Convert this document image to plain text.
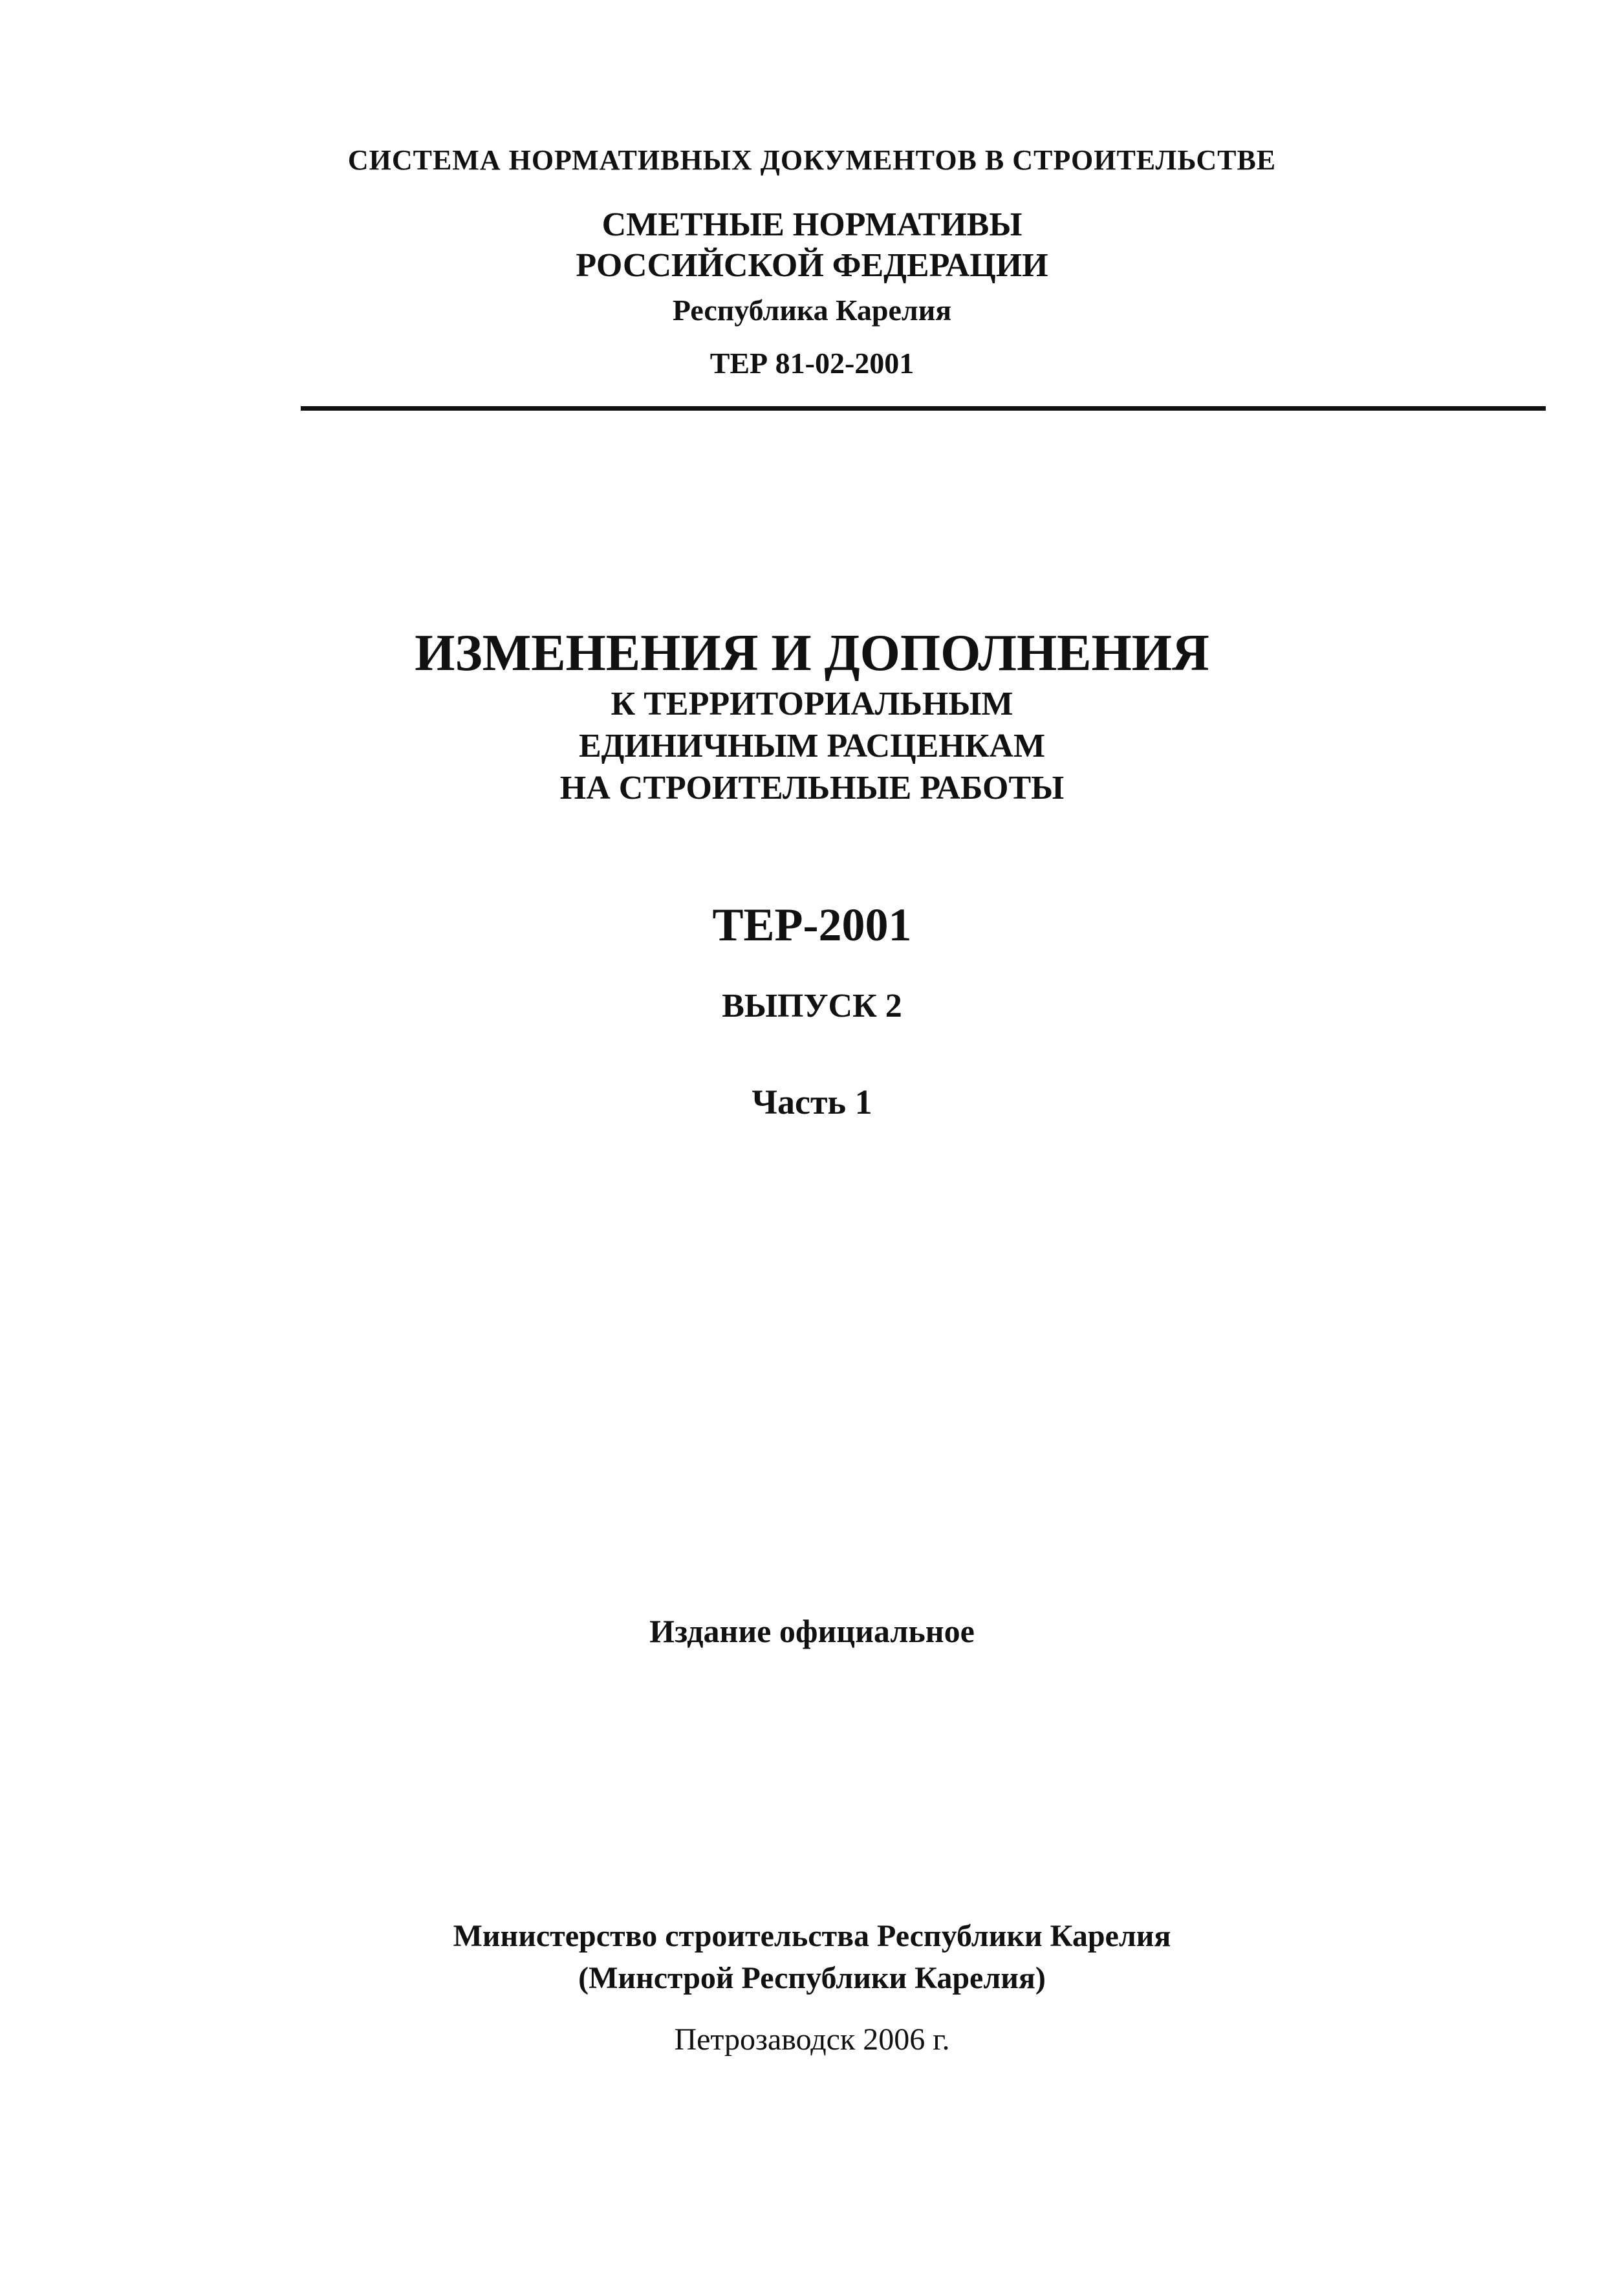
СИСТЕМА НОРМАТИВНЫХ ДОКУМЕНТОВ В СТРОИТЕЛЬСТВЕ
СМЕТНЫЕ НОРМАТИВЫ
РОССИЙСКОЙ ФЕДЕРАЦИИ
Республика Карелия
ТЕР 81-02-2001
ИЗМЕНЕНИЯ И ДОПОЛНЕНИЯ
К ТЕРРИТОРИАЛЬНЫМ
ЕДИНИЧНЫМ РАСЦЕНКАМ
НА СТРОИТЕЛЬНЫЕ РАБОТЫ
ТЕР-2001
ВЫПУСК 2
Часть 1
Издание официальное
Министерство строительства Республики Карелия
(Минстрой Республики Карелия)
Петрозаводск 2006 г.
